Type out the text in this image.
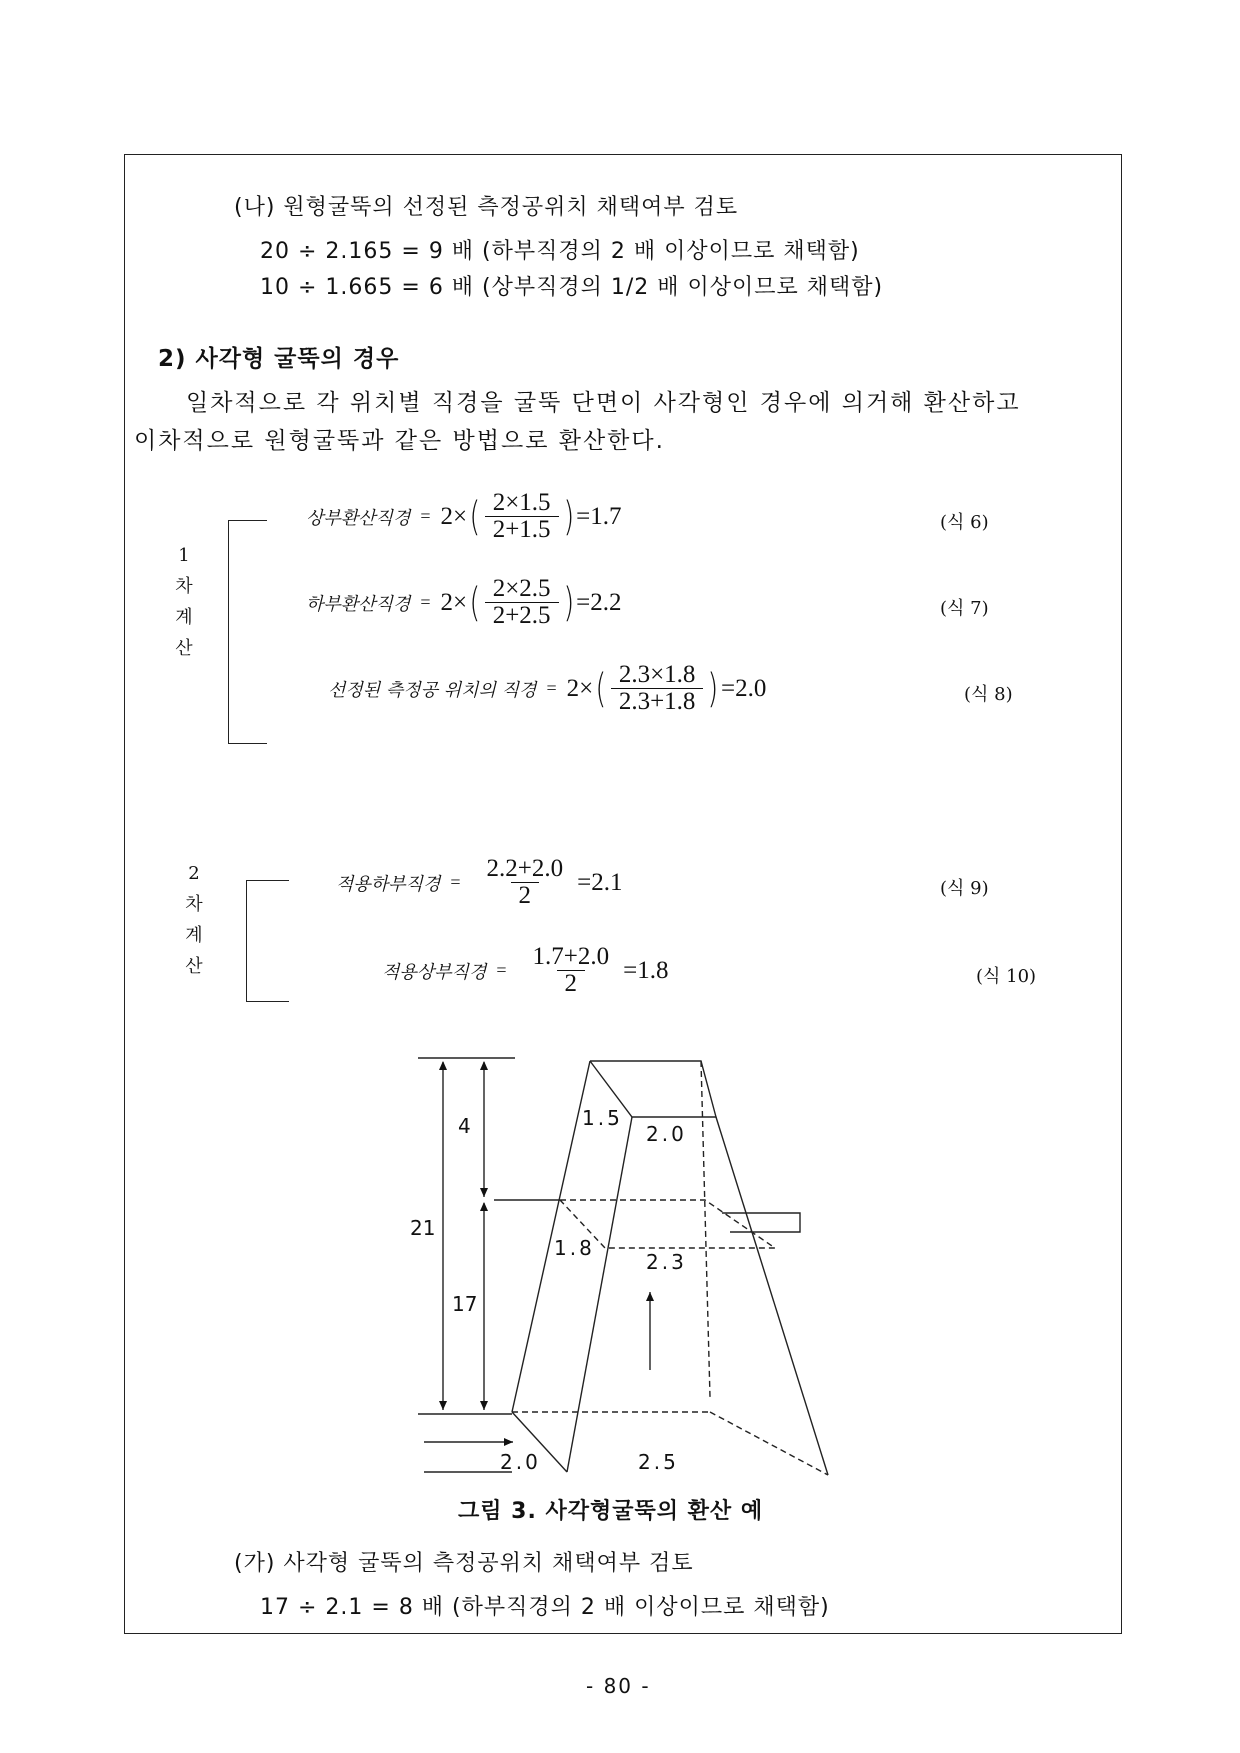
(나) 원형굴뚝의 선정된 측정공위치 채택여부 검토
20 ÷ 2.165 = 9 배 (하부직경의 2 배 이상이므로 채택함)
10 ÷ 1.665 = 6 배 (상부직경의 1/2 배 이상이므로 채택함)
2) 사각형 굴뚝의 경우
일차적으로 각 위치별 직경을 굴뚝 단면이 사각형인 경우에 의거해 환산하고
이차적으로 원형굴뚝과 같은 방법으로 환산한다.
1
차
계
산
상부환산직경 = 2× ( $\frac{2\times 1.5}{2+1.5}$ ) =1.7	(식 6)
하부환산직경 = 2× ( $\frac{2\times 2.5}{2+2.5}$ ) =2.2	(식 7)
선정된 측정공 위치의 직경 = 2× ( $\frac{2.3\times 1.8}{2.3+1.8}$ ) =2.0	(식 8)
2
차
계
산
적용하부직경 = $\frac{2.2+2.0}{2} =2.1$	(식 9)
적용상부직경 = $\frac{1.7+2.0}{2} =1.8$	(식 10)
4
21
17
1.5
2.0
1.8
2.3
2.0	2.5
그림 3. 사각형굴뚝의 환산 예
(가) 사각형 굴뚝의 측정공위치 채택여부 검토
17 ÷ 2.1 = 8 배 (하부직경의 2 배 이상이므로 채택함)
- 80 -
